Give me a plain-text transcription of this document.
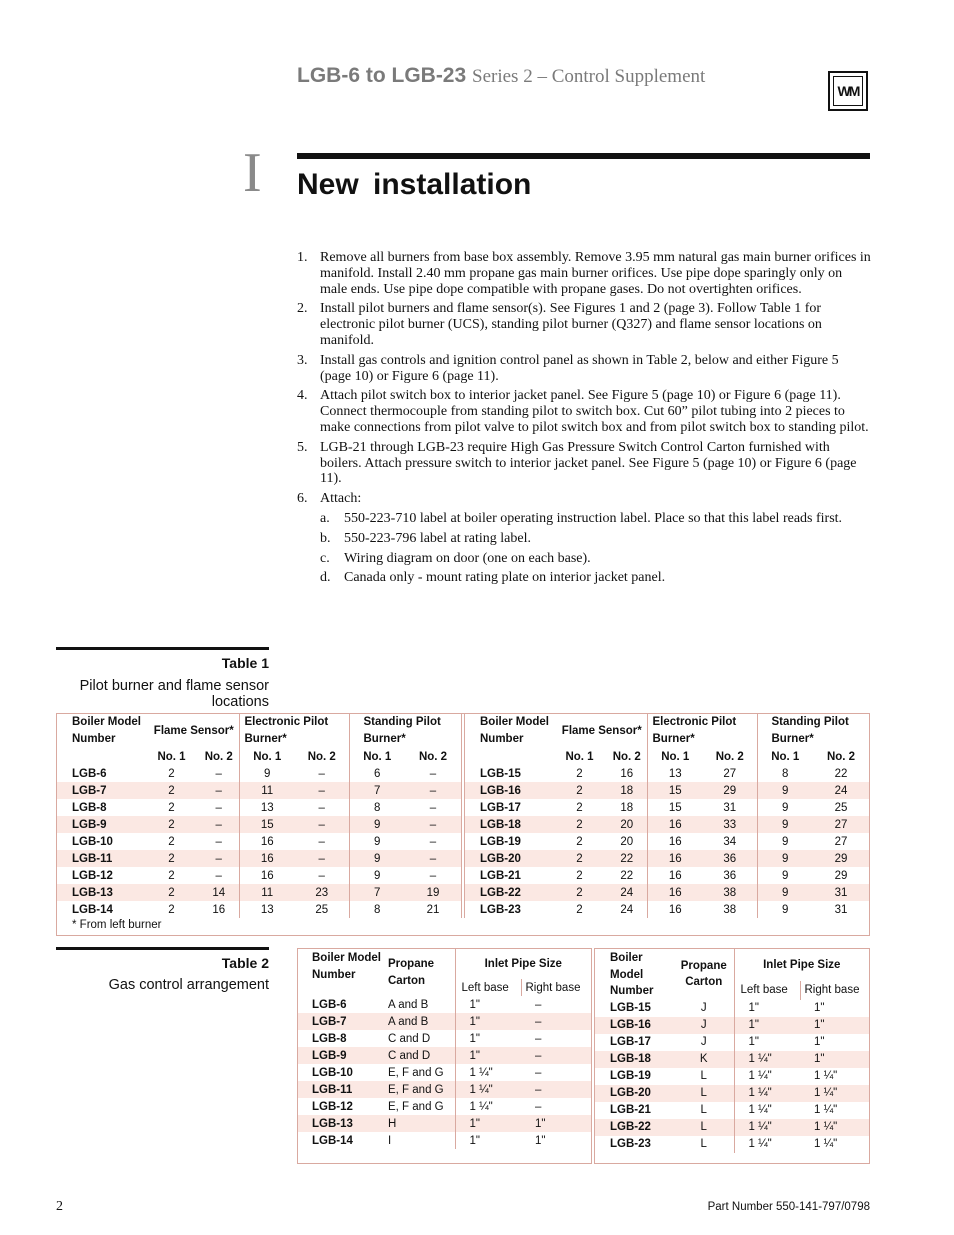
LGB-6 to LGB-23 Series 2 – Control Supplement
WM
I New installation
1. Remove all burners from base box assembly. Remove 3.95 mm natural gas main burner orifices in manifold. Install 2.40 mm propane gas main burner orifices. Use pipe dope sparingly only on male ends. Use pipe dope compatible with propane gases. Do not overtighten orifices.
2. Install pilot burners and flame sensor(s). See Figures 1 and 2 (page 3). Follow Table 1 for electronic pilot burner (UCS), standing pilot burner (Q327) and flame sensor locations on manifold.
3. Install gas controls and ignition control panel as shown in Table 2, below and either Figure 5 (page 10) or Figure 6 (page 11).
4. Attach pilot switch box to interior jacket panel. See Figure 5 (page 10) or Figure 6 (page 11). Connect thermocouple from standing pilot to switch box. Cut 60” pilot tubing into 2 pieces to make connections from pilot valve to pilot switch box and from pilot switch box to standing pilot.
5. LGB-21 through LGB-23 require High Gas Pressure Switch Control Carton furnished with boilers. Attach pressure switch to interior jacket panel. See Figure 5 (page 10) or Figure 6 (page 11).
6. Attach:
a. 550-223-710 label at boiler operating instruction label. Place so that this label reads first.
b. 550-223-796 label at rating label.
c. Wiring diagram on door (one on each base).
d. Canada only - mount rating plate on interior jacket panel.
Table 1
Pilot burner and flame sensor locations
	Boiler Model Number	Flame Sensor*		Electronic Pilot Burner*		Standing Pilot Burner*	
		No. 1	No. 2	No. 1	No. 2	No. 1	No. 2
	LGB-6	2	–	9	–	6	–
	LGB-7	2	–	11	–	7	–
	LGB-8	2	–	13	–	8	–
	LGB-9	2	–	15	–	9	–
	LGB-10	2	–	16	–	9	–
	LGB-11	2	–	16	–	9	–
	LGB-12	2	–	16	–	9	–
	LGB-13	2	14	11	23	7	19
	LGB-14	2	16	13	25	8	21
	Boiler Model Number	Flame Sensor*		Electronic Pilot Burner*		Standing Pilot Burner*	
		No. 1	No. 2	No. 1	No. 2	No. 1	No. 2
	LGB-15	2	16	13	27	8	22
	LGB-16	2	18	15	29	9	24
	LGB-17	2	18	15	31	9	25
	LGB-18	2	20	16	33	9	27
	LGB-19	2	20	16	34	9	27
	LGB-20	2	22	16	36	9	29
	LGB-21	2	22	16	36	9	29
	LGB-22	2	24	16	38	9	31
	LGB-23	2	24	16	38	9	31
* From left burner
Table 2
Gas control arrangement
	Boiler Model Number	Propane Carton	Inlet Pipe Size	
			Left base	Right base
	LGB-6	A and B	1"	–
	LGB-7	A and B	1"	–
	LGB-8	C and D	1"	–
	LGB-9	C and D	1"	–
	LGB-10	E, F and G	1 ¼"	–
	LGB-11	E, F and G	1 ¼"	–
	LGB-12	E, F and G	1 ¼"	–
	LGB-13	H	1"	1"
	LGB-14	I	1"	1"
	Boiler Model Number	Propane Carton	Inlet Pipe Size	
			Left base	Right base
	LGB-15	J	1"	1"
	LGB-16	J	1"	1"
	LGB-17	J	1"	1"
	LGB-18	K	1 ¼"	1"
	LGB-19	L	1 ¼"	1 ¼"
	LGB-20	L	1 ¼"	1 ¼"
	LGB-21	L	1 ¼"	1 ¼"
	LGB-22	L	1 ¼"	1 ¼"
	LGB-23	L	1 ¼"	1 ¼"
2	Part Number 550-141-797/0798
